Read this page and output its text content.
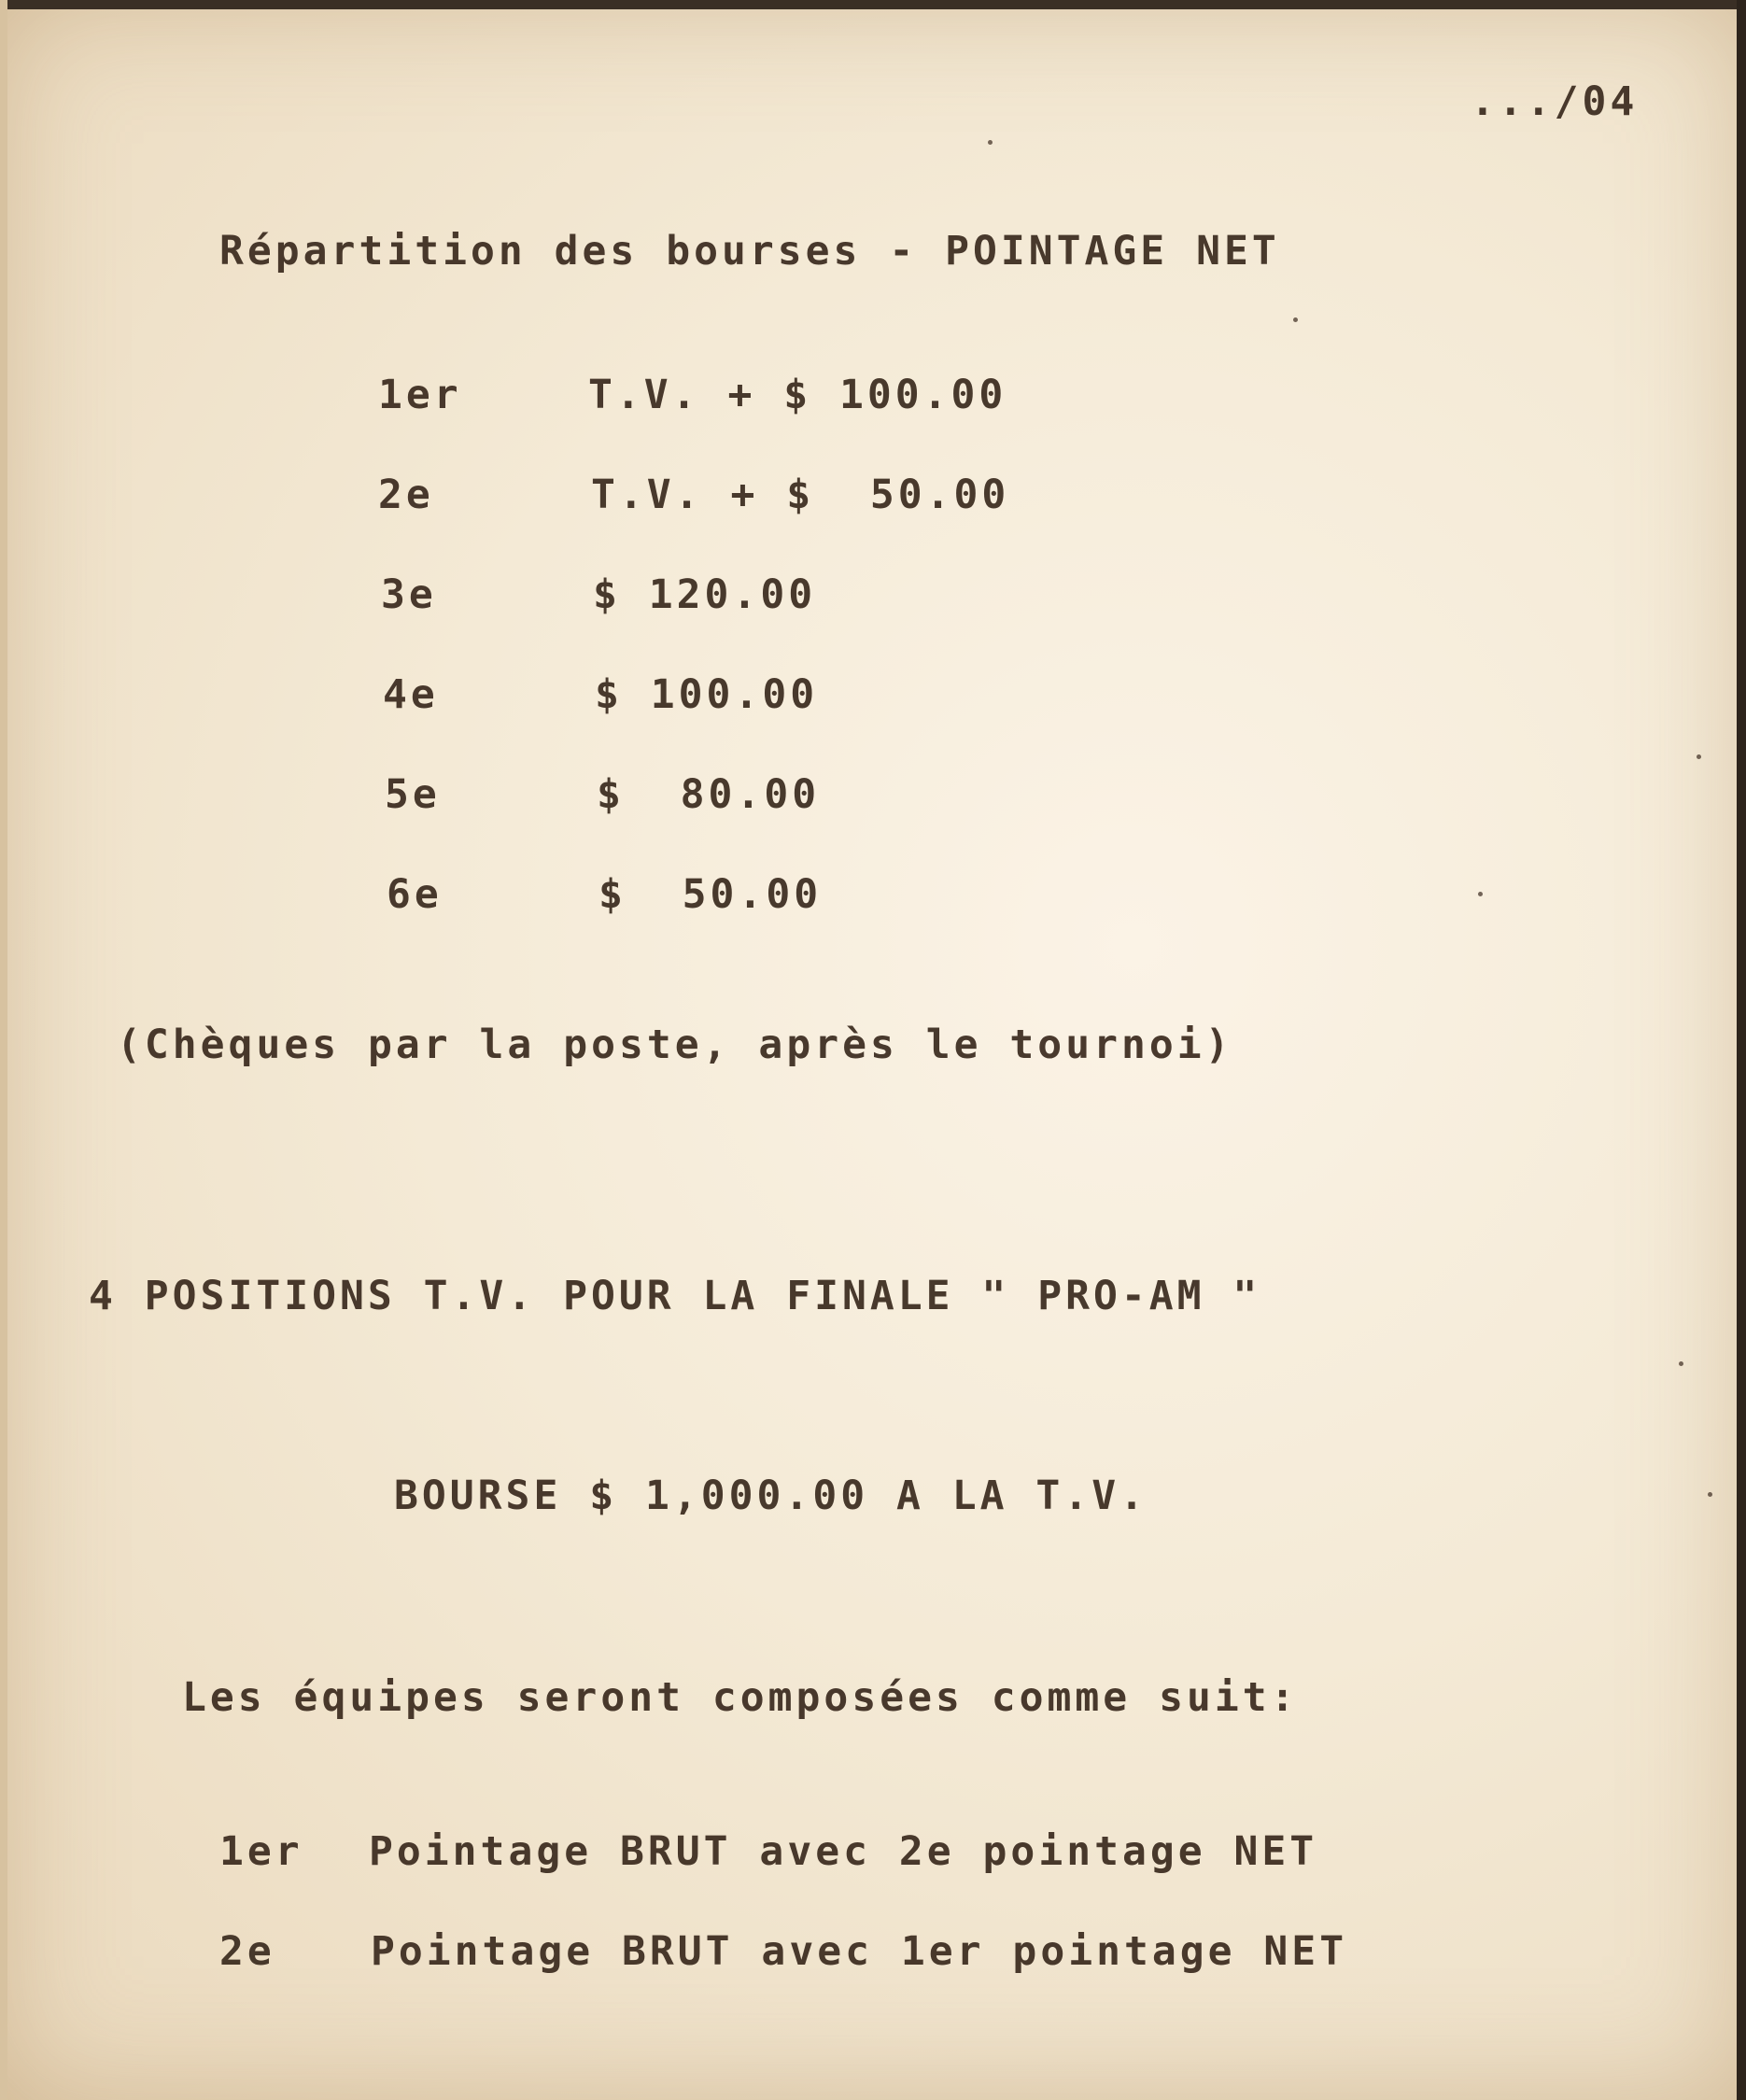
.../04
Répartition des bourses - POINTAGE NET
1er	T.V. + $ 100.00
2e	T.V. + $  50.00
3e	$ 120.00
4e	$ 100.00
5e	$  80.00
6e	$  50.00
(Chèques par la poste, après le tournoi)
4 POSITIONS T.V. POUR LA FINALE " PRO-AM "
BOURSE $ 1,000.00 A LA T.V.
Les équipes seront composées comme suit:
1er Pointage BRUT avec 2e pointage NET
2e Pointage BRUT avec 1er pointage NET
